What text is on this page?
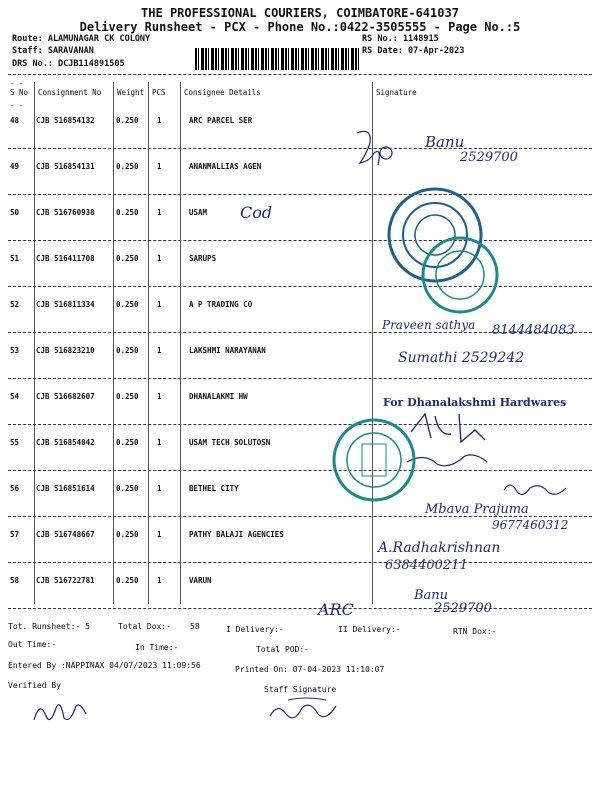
THE PROFESSIONAL COURIERS, COIMBATORE-641037
Delivery Runsheet - PCX - Phone No.:0422-3505555 - Page No.:5
Route: ALAMUNAGAR CK COLONY
Staff: SARAVANAN
DRS No.: DCJB114891505
RS No.: 1148915
RS Date: 07-Apr-2023
S No Consignment No Weight PCS Consignee Details	Signature
- -
- -
48 CJB 516854132	0.250 1	ARC PARCEL SER
49 CJB 516854131	0.250 1	ANANMALLIAS AGEN
50 CJB 516760938	0.250 1	USAM
51 CJB 516411708	0.250 1	SARUPS
52 CJB 516811334	0.250 1	A P TRADING CO
53 CJB 516823210	0.250 1	LAKSHMI NARAYANAN
54 CJB 516682607	0.250 1	DHANALAKMI HW
55 CJB 516854042	0.250 1	USAM TECH SOLUTOSN
56 CJB 516851614	0.250 1	BETHEL CITY
57 CJB 516748667	0.250 1	PATHY BALAJI AGENCIES
58 CJB 516722781	0.250 1	VARUN
Banu
2529700
Cod
Praveen sathya 8144484083
Sumathi 2529242
For Dhanalakshmi Hardwares
Mbava Prajuma
9677460312
A.Radhakrishnan
6384400211
ARC
Banu
2529700
Tot. Runsheet:- 5	Total Dox:- 58	I Delivery:-	II Delivery:-	RTN Dox:-
Out Time:-	In Time:-	Total POD:-
Entered By :NAPPINAX 04/07/2023 11:09:56	Printed On: 07-04-2023 11:10:07
Verified By	Staff Signature
